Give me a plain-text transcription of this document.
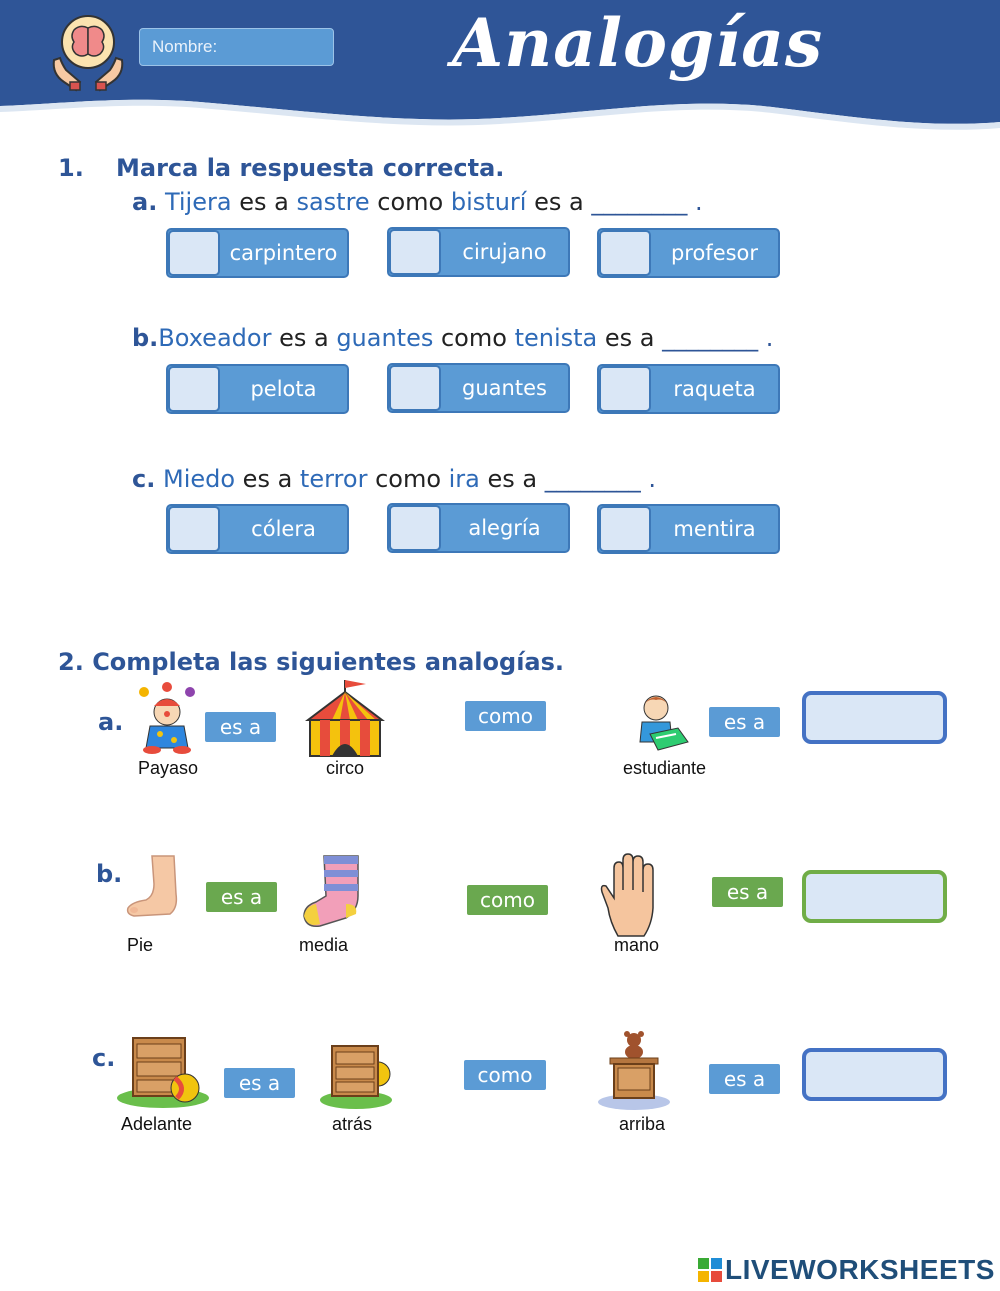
Nombre:	Analogías
1. Marca la respuesta correcta.
a. Tijera es a sastre como bisturí es a ________ .
carpintero	cirujano	profesor
b.Boxeador es a guantes como tenista es a ________ .
pelota	guantes	raqueta
c. Miedo es a terror como ira es a ________ .
cólera	alegría	mentira
2. Completa las siguientes analogías.
a.
Payaso
es a
circo
como
estudiante
es a
b.
Pie
es a
media
como
mano
es a
c.
Adelante
es a
atrás
como
arriba
es a
LIVEWORKSHEETS
